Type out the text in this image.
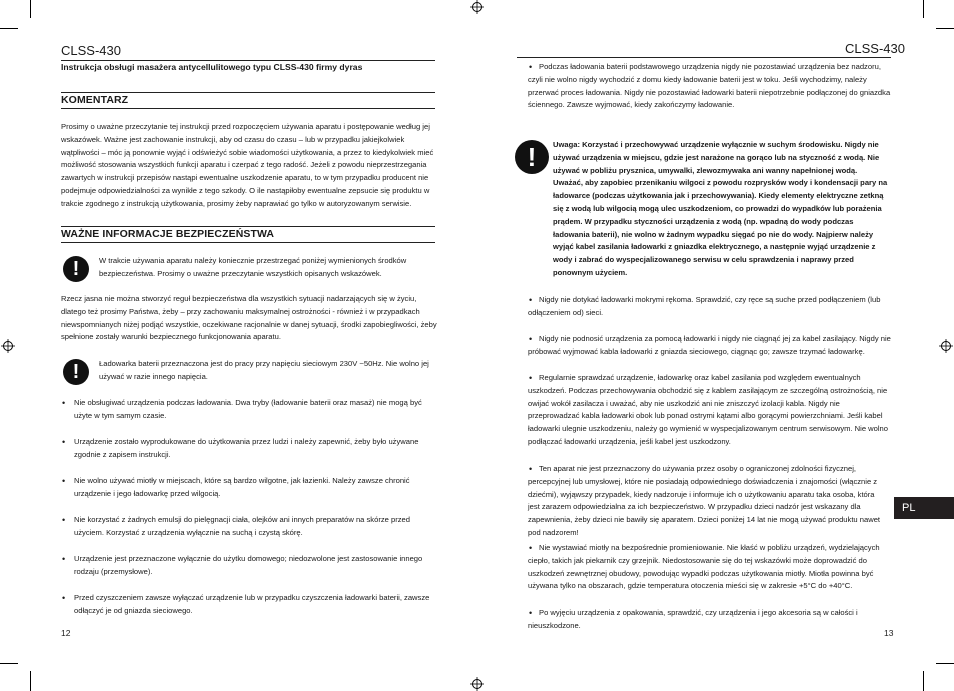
CLSS-430
Instrukcja obsługi masażera antycellulitowego typu CLSS-430 firmy dyras
KOMENTARZ

Prosimy o uważne przeczytanie tej instrukcji przed rozpoczęciem używania aparatu i postępowanie według jej wskazówek. Ważne jest zachowanie instrukcji, aby od czasu do czasu – lub w przypadku jakiejkolwiek wątpliwości – móc ją ponownie wyjąć i odświeżyć sobie wiadomości użytkowania, a przez to kiedykolwiek mieć możliwość stosowania wszystkich funkcji aparatu i czerpać z tego radość. Jeżeli z powodu nieprzestrzegania zawartych w instrukcji przepisów nastąpi ewentualne uszkodzenie aparatu, to w tym przypadku producent nie podejmuje odpowiedzialności za wynikłe z tego szkody. O ile nastąpiłoby ewentualne zepsucie się produktu w trakcie zgodnego z instrukcją użytkowania, prosimy żeby naprawiać go tylko w autoryzowanym serwisie.

WAŻNE INFORMACJE BEZPIECZEŃSTWA
!	W trakcie używania aparatu należy koniecznie przestrzegać poniżej wymienionych środków bezpieczeństwa. Prosimy o uważne przeczytanie wszystkich opisanych wskazówek.

Rzecz jasna nie można stworzyć reguł bezpieczeństwa dla wszystkich sytuacji nadarzających się w życiu, dlatego też prosimy Państwa, żeby – przy zachowaniu maksymalnej ostrożności - również i w przypadkach niewspomnianych niżej podjąć wszystkie, oczekiwane racjonalnie w danej sytuacji, środki zapobiegliwości, żeby spełnione zostały warunki bezpiecznego funkcjonowania aparatu.

!	Ładowarka baterii przeznaczona jest do pracy przy napięciu sieciowym 230V ~50Hz. Nie wolno jej używać w razie innego napięcia.

• Nie obsługiwać urządzenia podczas ładowania. Dwa tryby (ładowanie baterii oraz masaż) nie mogą być użyte w tym samym czasie.

• Urządzenie zostało wyprodukowane do użytkowania przez ludzi i należy zapewnić, żeby było używane zgodnie z zapisem instrukcji.

• Nie wolno używać miotły w miejscach, które są bardzo wilgotne, jak łazienki. Należy zawsze chronić urządzenie i jego ładowarkę przed wilgocią.

• Nie korzystać z żadnych emulsji do pielęgnacji ciała, olejków ani innych preparatów na skórze przed użyciem. Korzystać z urządzenia wyłącznie na suchą i czystą skórę.

• Urządzenie jest przeznaczone wyłącznie do użytku domowego; niedozwolone jest zastosowanie innego rodzaju (przemysłowe).

• Przed czyszczeniem zawsze wyłączać urządzenie lub w przypadku czyszczenia ładowarki baterii, zawsze odłączyć je od gniazda sieciowego.

12
CLSS-430
• Podczas ładowania baterii podstawowego urządzenia nigdy nie pozostawiać urządzenia bez nadzoru, czyli nie wolno nigdy wychodzić z domu kiedy ładowanie baterii jest w toku. Jeśli wychodzimy, należy przerwać proces ładowania. Nigdy nie pozostawiać ładowarki baterii niepotrzebnie podłączonej do gniazdka ściennego. Zawsze wyjmować, kiedy zakończymy ładowanie.

!	Uwaga: Korzystać i przechowywać urządzenie wyłącznie w suchym środowisku. Nigdy nie używać urządzenia w miejscu, gdzie jest narażone na gorąco lub na styczność z wodą. Nie używać w pobliżu prysznica, umywalki, zlewozmywaka ani wanny napełnionej wodą. Uważać, aby zapobiec przenikaniu wilgoci z powodu rozprysków wody i kondensacji pary na ładowarce (podczas użytkowania jak i przechowywania). Kiedy elementy elektryczne zetkną się z wodą lub wilgocią mogą ulec uszkodzeniom, co prowadzi do wypadków lub porażenia prądem. W przypadku styczności urządzenia z wodą (np. wpadną do wody podczas ładowania baterii), nie wolno w żadnym wypadku sięgać po nie do wody. Najpierw należy wyjąć kabel zasilania ładowarki z gniazdka elektrycznego, a następnie wyjąć urządzenie z wody i zabrać do wyspecjalizowanego serwisu w celu sprawdzenia i naprawy przed ponownym użyciem.

• Nigdy nie dotykać ładowarki mokrymi rękoma. Sprawdzić, czy ręce są suche przed podłączeniem (lub odłączeniem od) sieci.

• Nigdy nie podnosić urządzenia za pomocą ładowarki i nigdy nie ciągnąć jej za kabel zasilający. Nigdy nie próbować wyjmować kabla ładowarki z gniazda sieciowego, ciągnąc go; zawsze trzymać ładowarkę.

• Regularnie sprawdzać urządzenie, ładowarkę oraz kabel zasilania pod względem ewentualnych uszkodzeń. Podczas przechowywania obchodzić się z kablem zasilającym ze szczególną ostrożnością, nie owijać wokół zasilacza i uważać, aby nie uszkodzić ani nie zniszczyć izolacji kabla. Nigdy nie przeprowadzać kabla ładowarki obok lub ponad ostrymi kątami albo gorącymi powierzchniami. Jeśli kabel ładowarki ulegnie uszkodzeniu, należy go wymienić w wyspecjalizowanym centrum serwisowym. Nie wolno podłączać ładowarki urządzenia, jeśli kabel jest uszkodzony.

• Ten aparat nie jest przeznaczony do używania przez osoby o ograniczonej zdolności fizycznej, percepcyjnej lub umysłowej, które nie posiadają odpowiedniego doświadczenia i znajomości (włącznie z dziećmi), wyjąwszy przypadek, kiedy nadzoruje i informuje ich o użytkowaniu aparatu taka osoba, która jest zarazem odpowiedzialna za ich bezpieczeństwo. W przypadku dzieci nadzór jest wskazany dla zapewnienia, żeby dzieci nie bawiły się aparatem. Dzieci poniżej 14 lat nie mogą używać produktu nawet pod nadzorem!

• Nie wystawiać miotły na bezpośrednie promieniowanie. Nie kłaść w pobliżu urządzeń, wydzielających ciepło, takich jak piekarnik czy grzejnik. Niedostosowanie się do tej wskazówki może doprowadzić do uszkodzeń zewnętrznej obudowy, powodując wypadki podczas użytkowania miotły. Miotła powinna być używana tylko na obszarach, gdzie temperatura otoczenia mieści się w zakresie +5°C do +40°C.

• Po wyjęciu urządzenia z opakowania, sprawdzić, czy urządzenia i jego akcesoria są w całości i nieuszkodzone.

PL
13
